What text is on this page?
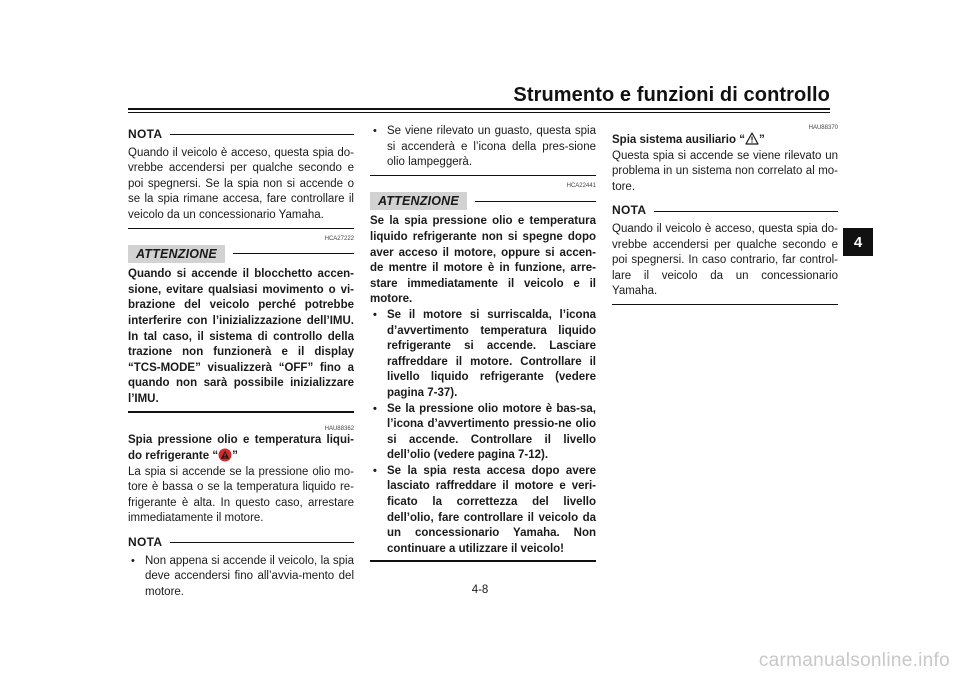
Strumento e funzioni di controllo
4
NOTA

Quando il veicolo è acceso, questa spia do-vrebbe accendersi per qualche secondo e poi spegnersi. Se la spia non si accende o se la spia rimane accesa, fare controllare il veicolo da un concessionario Yamaha.

HCA27222

ATTENZIONE

Quando si accende il blocchetto accen-sione, evitare qualsiasi movimento o vi-brazione del veicolo perché potrebbe interferire con l’inizializzazione dell’IMU. In tal caso, il sistema di controllo della trazione non funzionerà e il display “TCS-MODE” visualizzerà “OFF” fino a quando non sarà possibile inizializzare l’IMU.

HAU88362

Spia pressione olio e temperatura liqui-do refrigerante “ ”

La spia si accende se la pressione olio mo-tore è bassa o se la temperatura liquido re-frigerante è alta. In questo caso, arrestare immediatamente il motore.

NOTA
• Non appena si accende il veicolo, la spia deve accendersi fino all’avvia-mento del motore.
• Se viene rilevato un guasto, questa spia si accenderà e l’icona della pres-sione olio lampeggerà.

HCA22441

ATTENZIONE

Se la spia pressione olio e temperatura liquido refrigerante non si spegne dopo aver acceso il motore, oppure si accen-de mentre il motore è in funzione, arre-stare immediatamente il veicolo e il motore.

• Se il motore si surriscalda, l’icona d’avvertimento temperatura liquido refrigerante si accende. Lasciare raffreddare il motore. Controllare il livello liquido refrigerante (vedere pagina 7-37).
• Se la pressione olio motore è bas-sa, l’icona d’avvertimento pressio-ne olio si accende. Controllare il livello dell’olio (vedere pagina 7-12).
• Se la spia resta accesa dopo avere lasciato raffreddare il motore e veri-ficato la correttezza del livello dell’olio, fare controllare il veicolo da un concessionario Yamaha. Non continuare a utilizzare il veicolo!

HAU88370

Spia sistema ausiliario “ ”

Questa spia si accende se viene rilevato un problema in un sistema non correlato al mo-tore.

NOTA

Quando il veicolo è acceso, questa spia do-vrebbe accendersi per qualche secondo e poi spegnersi. In caso contrario, far control-lare il veicolo da un concessionario Yamaha.

4-8
carmanualsonline.info
